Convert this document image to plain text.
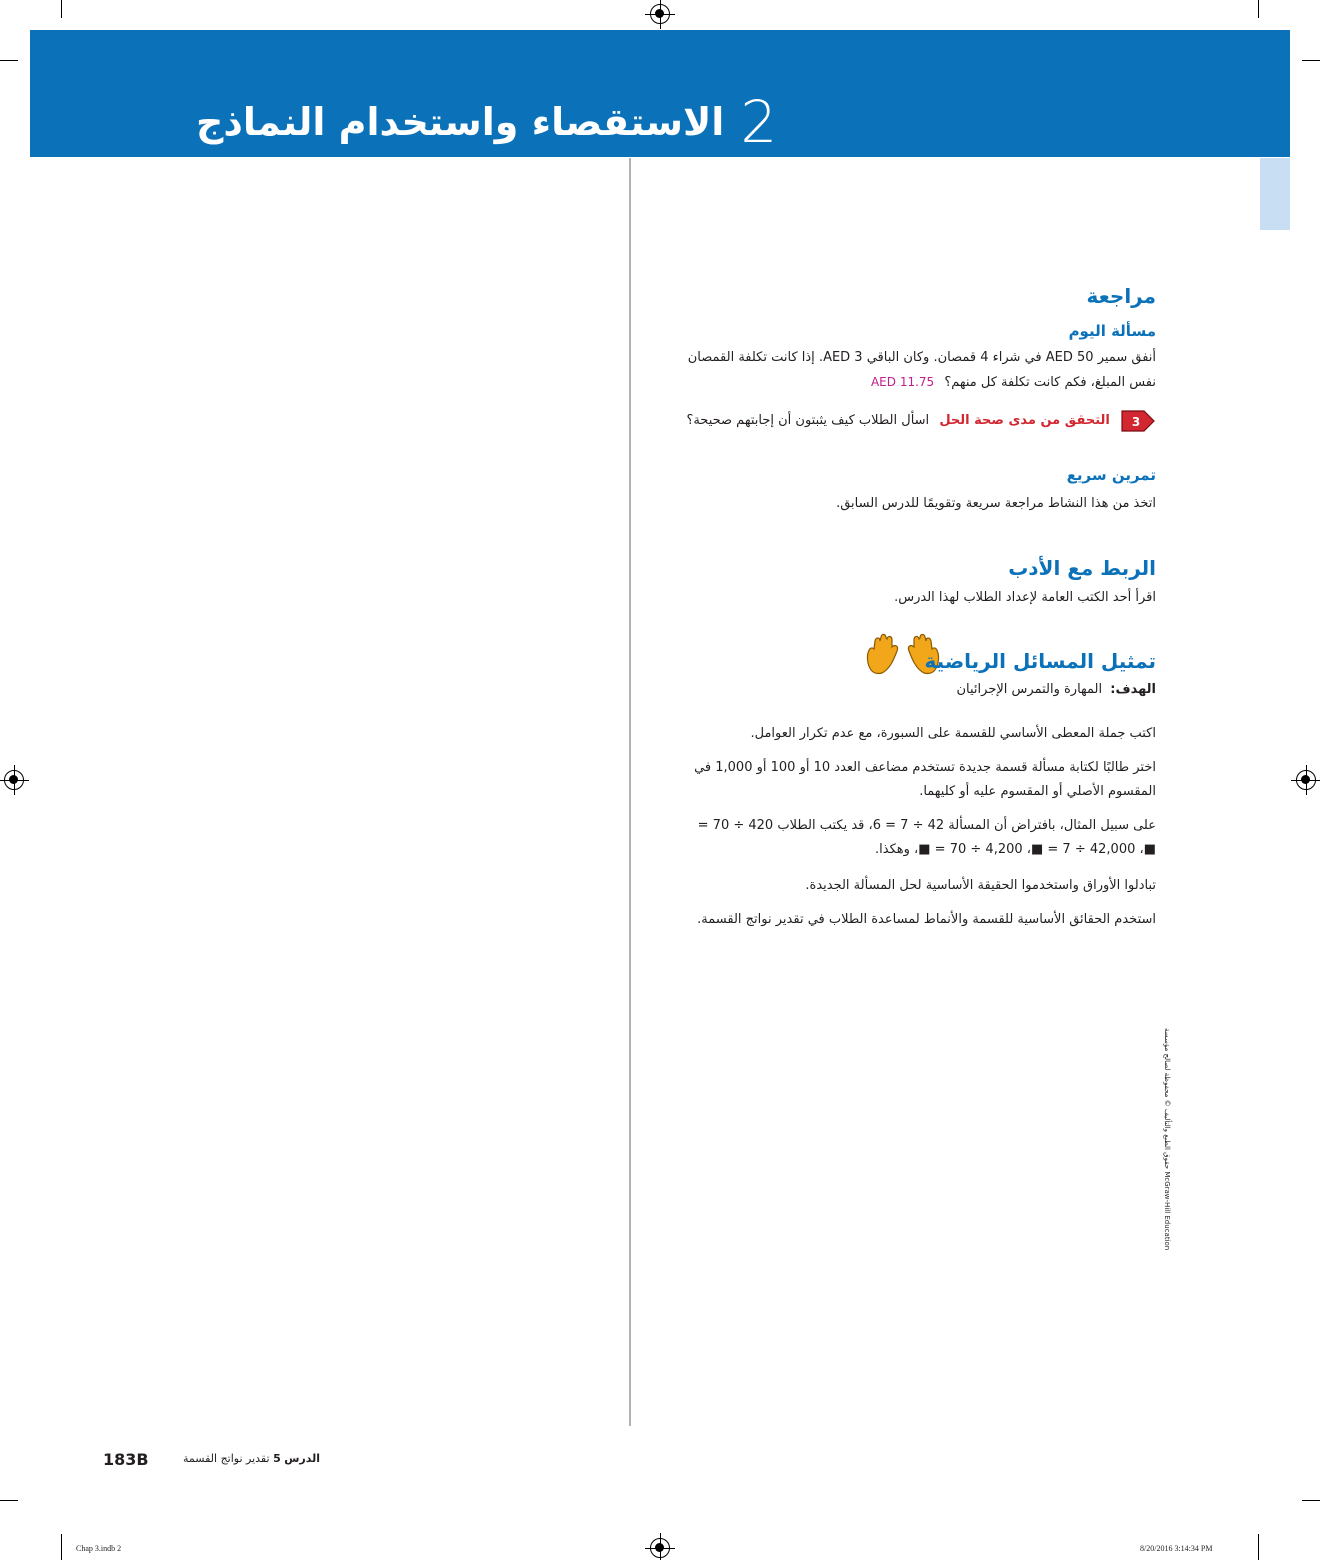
2
الاستقصاء واستخدام النماذج
مراجعة
مسألة اليوم
أنفق سمير AED 50 في شراء 4 قمصان. وكان الباقي AED 3. إذا كانت تكلفة القمصان
نفس المبلغ، فكم كانت تكلفة كل منهم؟ AED 11.75
3
التحقق من مدى صحة الحل اسأل الطلاب كيف يثبتون أن إجابتهم صحيحة؟
تمرين سريع
اتخذ من هذا النشاط مراجعة سريعة وتقويمًا للدرس السابق.
الربط مع الأدب
اقرأ أحد الكتب العامة لإعداد الطلاب لهذا الدرس.
تمثيل المسائل الرياضية
الهدف: المهارة والتمرس الإجرائيان
اكتب جملة المعطى الأساسي للقسمة على السبورة، مع عدم تكرار العوامل.
اختر طالبًا لكتابة مسألة قسمة جديدة تستخدم مضاعف العدد 10 أو 100 أو 1,000 في
المقسوم الأصلي أو المقسوم عليه أو كليهما.
على سبيل المثال، بافتراض أن المسألة 42 ÷ 7 = 6، قد يكتب الطلاب 420 ÷ 70 =
■، 42,000 ÷ 7 = ■، 4,200 ÷ 70 = ■، وهكذا.
تبادلوا الأوراق واستخدموا الحقيقة الأساسية لحل المسألة الجديدة.
استخدم الحقائق الأساسية للقسمة والأنماط لمساعدة الطلاب في تقدير نواتج القسمة.
حقوق الطبع والتأليف © محفوظة لصالح مؤسسة McGraw-Hill Education
183B	الدرس 5 تقدير نواتج القسمة
Chap 3.indb 2	8/20/2016 3:14:34 PM
